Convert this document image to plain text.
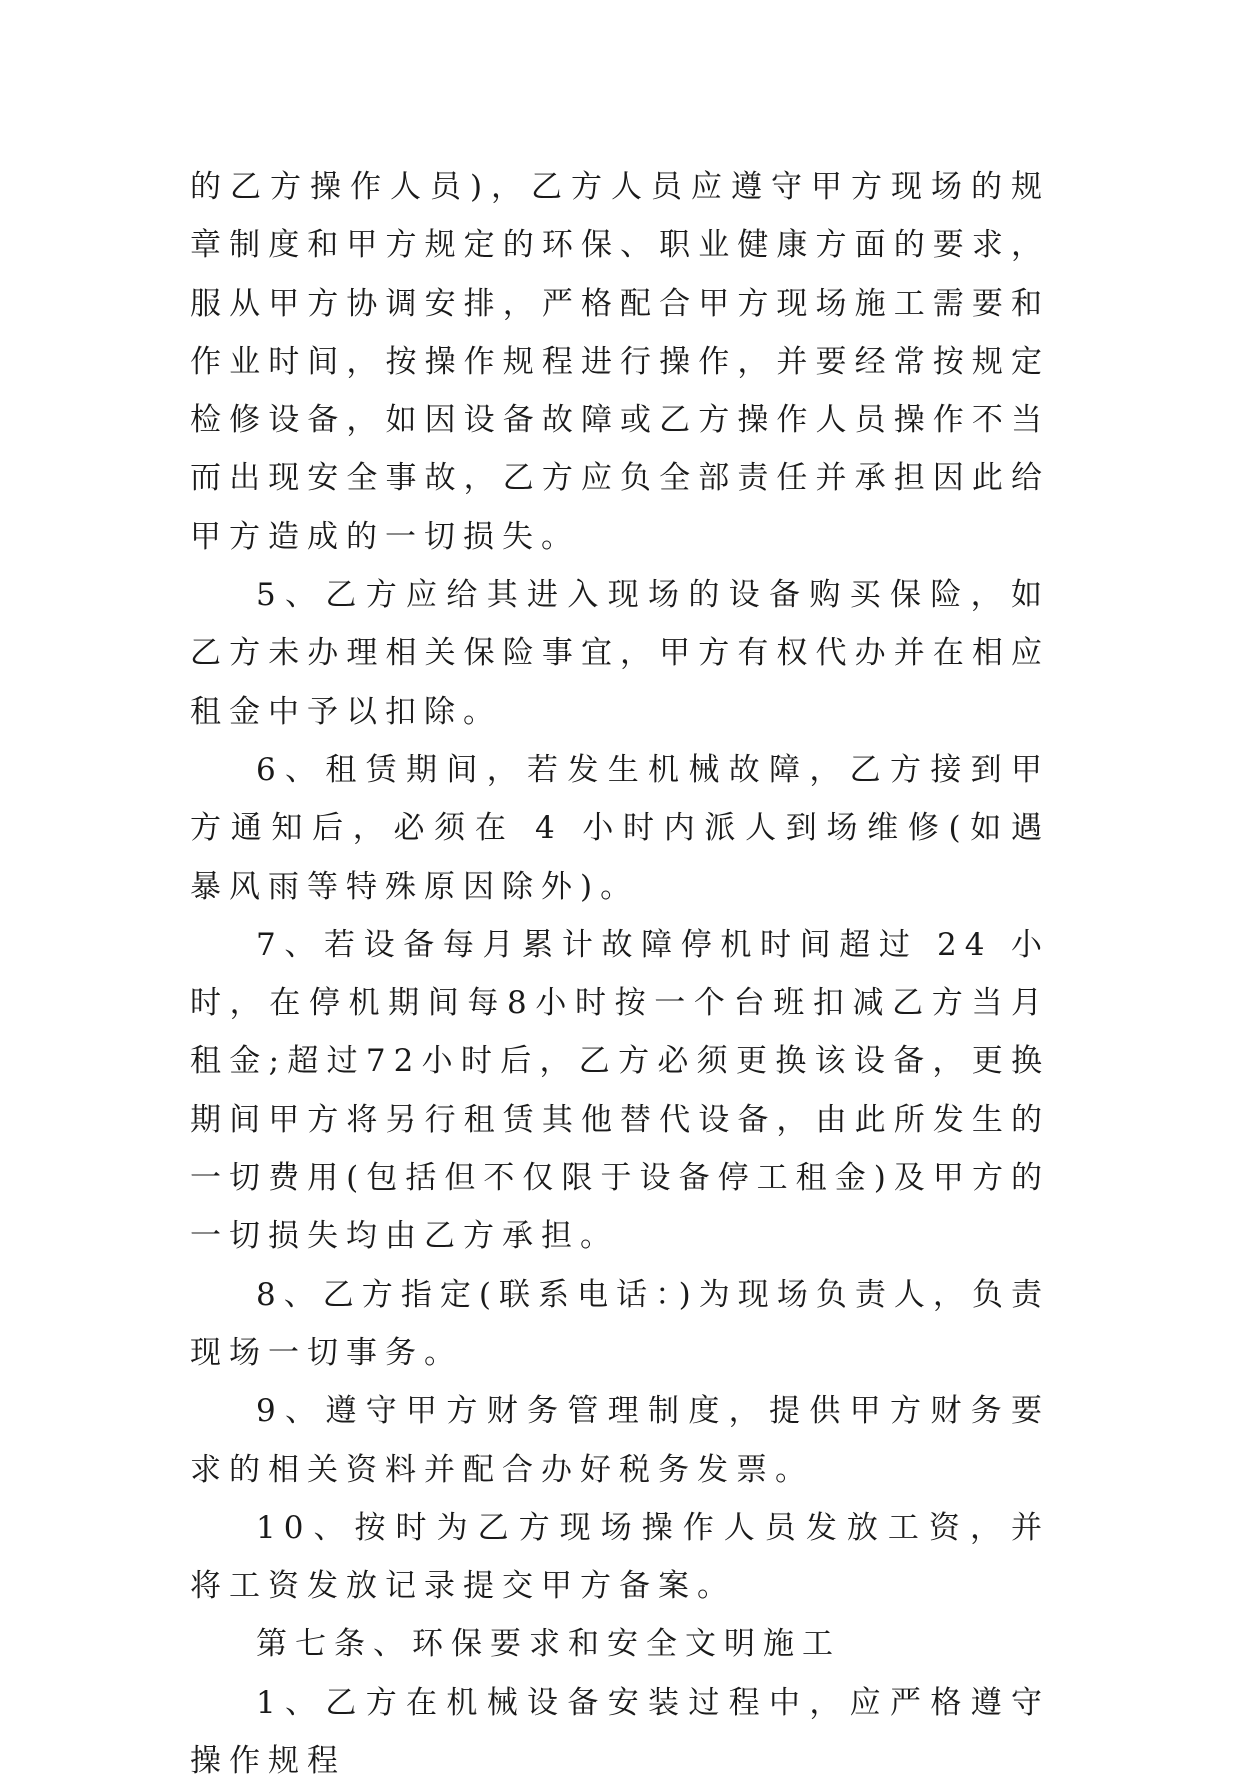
的乙方操作人员)，乙方人员应遵守甲方现场的规章制度和甲方规定的环保、职业健康方面的要求，服从甲方协调安排，严格配合甲方现场施工需要和作业时间，按操作规程进行操作，并要经常按规定检修设备，如因设备故障或乙方操作人员操作不当而出现安全事故，乙方应负全部责任并承担因此给甲方造成的一切损失。

5、乙方应给其进入现场的设备购买保险，如乙方未办理相关保险事宜，甲方有权代办并在相应租金中予以扣除。

6、租赁期间，若发生机械故障，乙方接到甲方通知后，必须在 4 小时内派人到场维修(如遇暴风雨等特殊原因除外)。

7、若设备每月累计故障停机时间超过 24 小时，在停机期间每8小时按一个台班扣减乙方当月租金;超过72小时后，乙方必须更换该设备，更换期间甲方将另行租赁其他替代设备，由此所发生的一切费用(包括但不仅限于设备停工租金)及甲方的一切损失均由乙方承担。

8、乙方指定(联系电话：)为现场负责人，负责现场一切事务。

9、遵守甲方财务管理制度，提供甲方财务要求的相关资料并配合办好税务发票。

10、按时为乙方现场操作人员发放工资，并将工资发放记录提交甲方备案。

第七条、环保要求和安全文明施工

1、乙方在机械设备安装过程中，应严格遵守操作规程
